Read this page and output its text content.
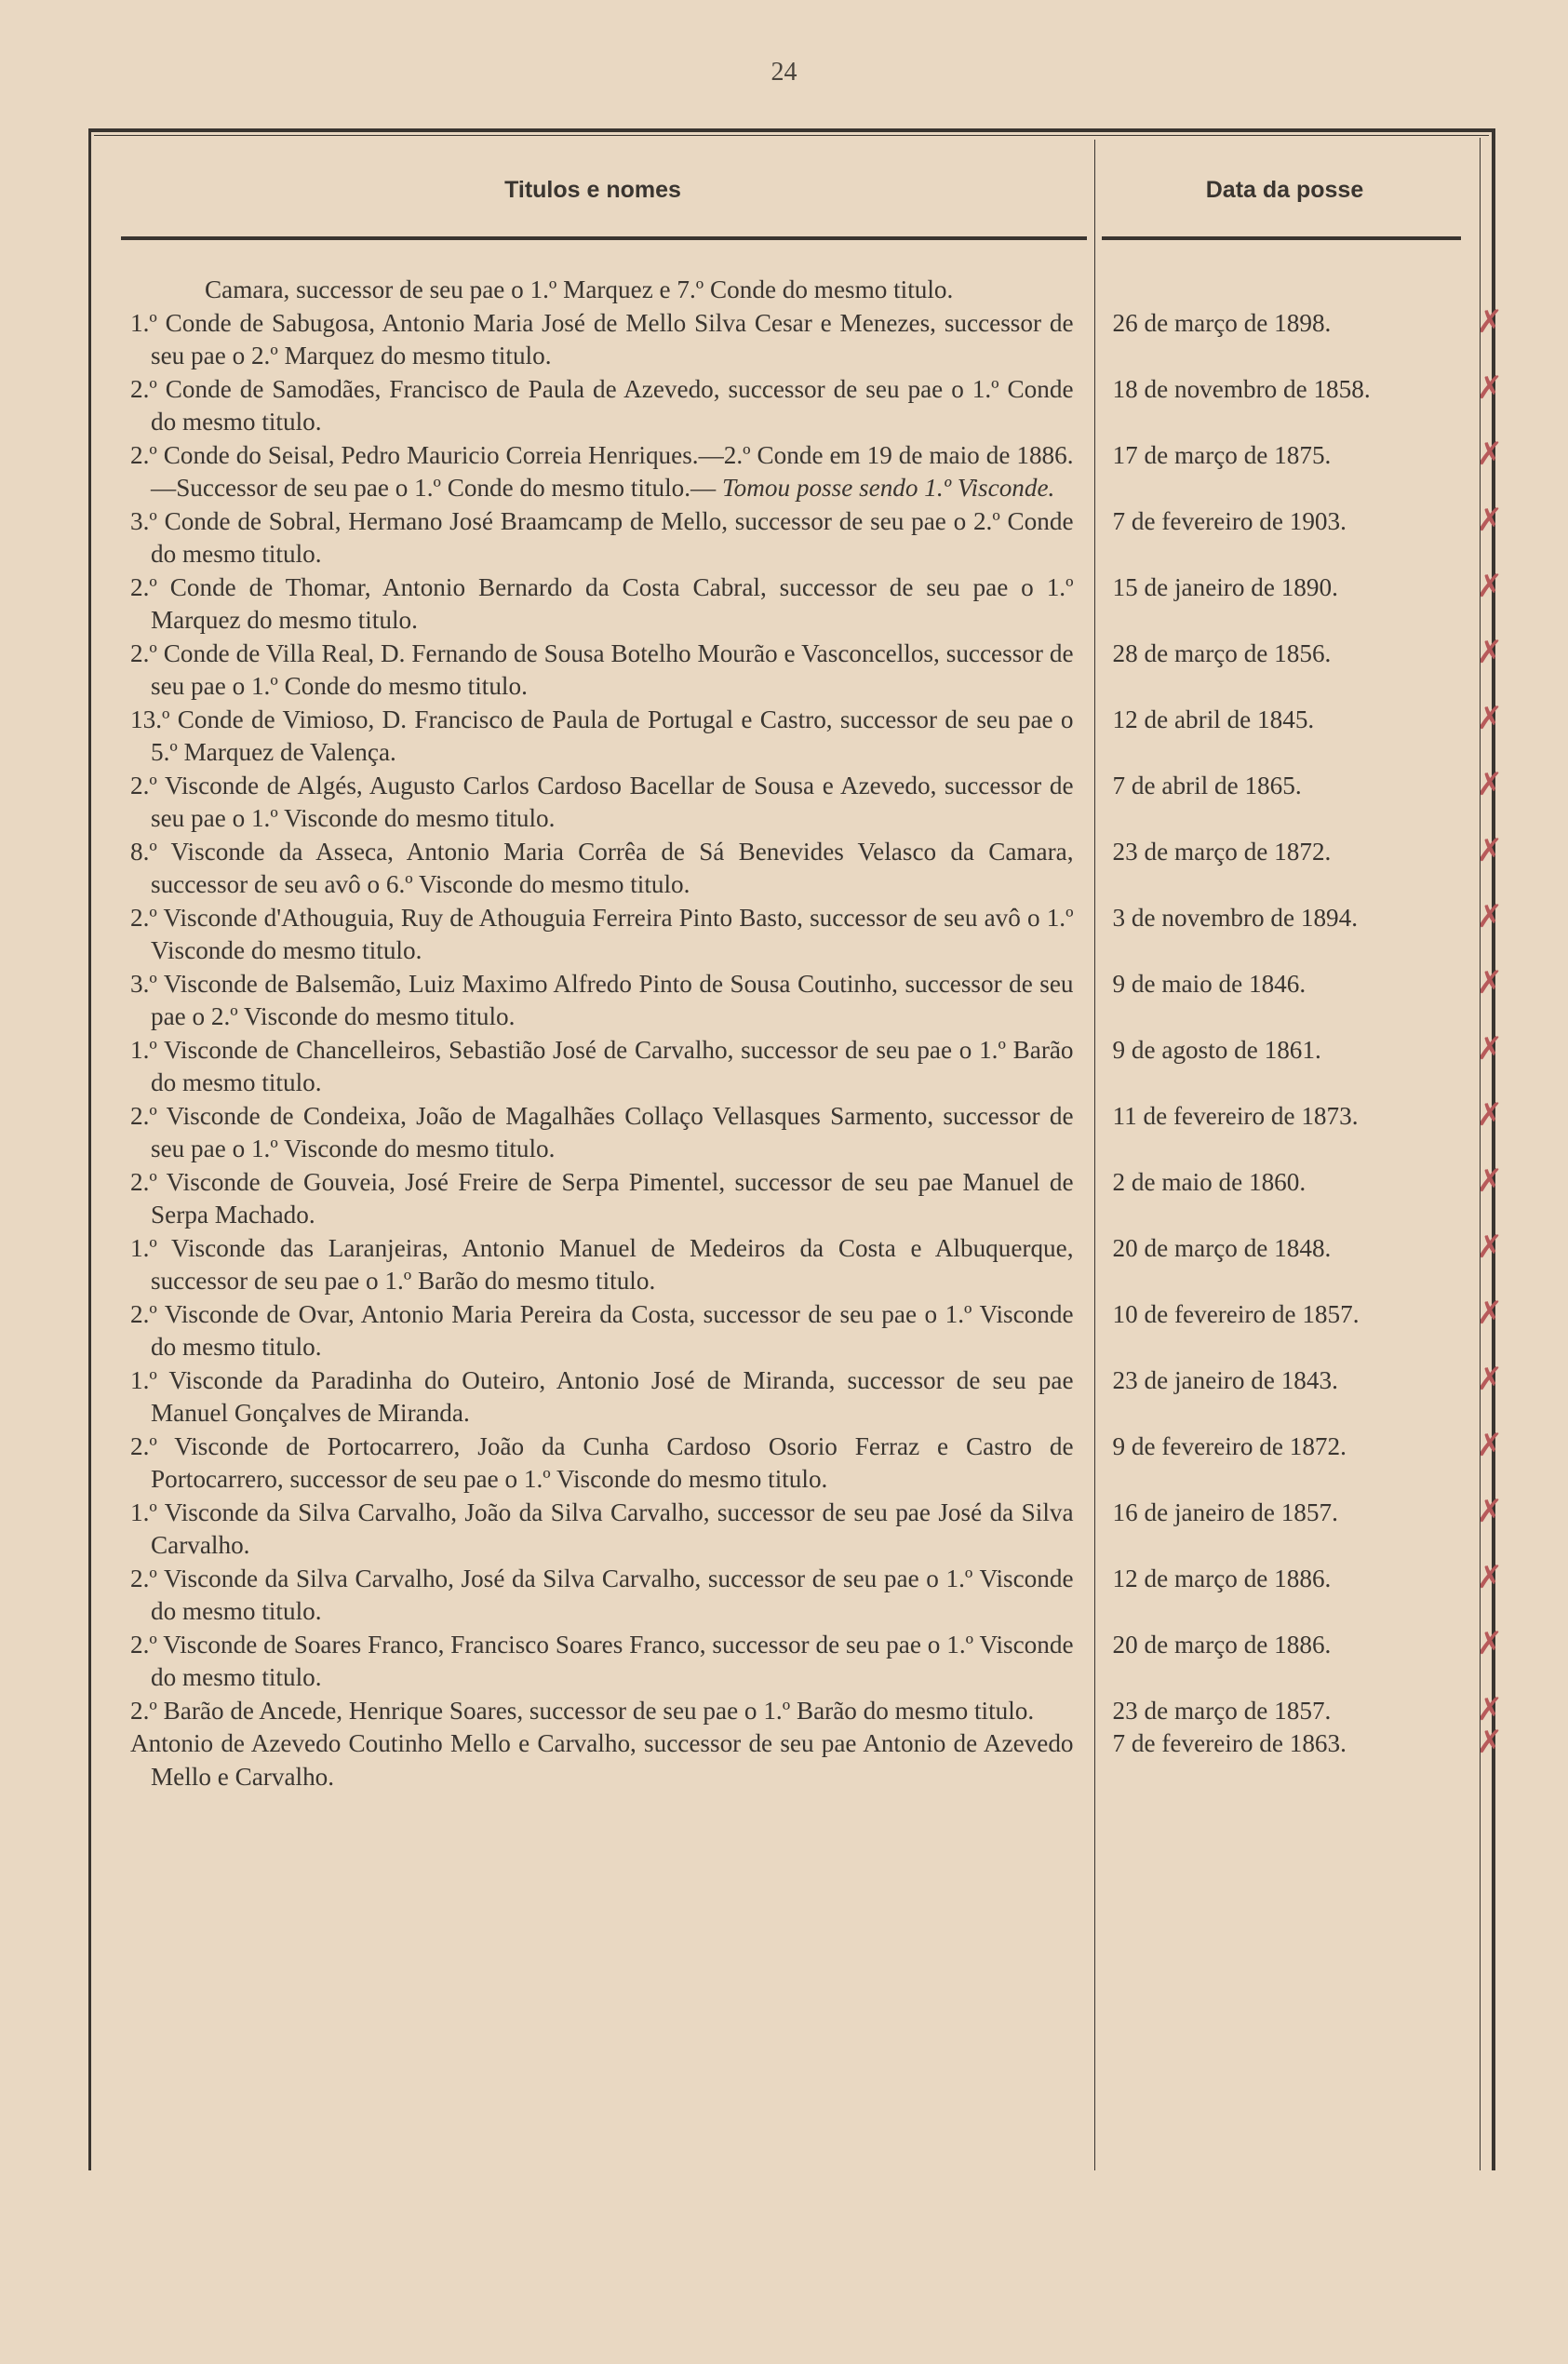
24
Titulos e nomes	Data da posse
Camara, successor de seu pae o 1.º Marquez e 7.º Conde do mesmo titulo.
1.º Conde de Sabugosa, Antonio Maria José de Mello Silva Cesar e Menezes, successor de seu pae o 2.º Marquez do mesmo titulo.
26 de março de 1898.
2.º Conde de Samodães, Francisco de Paula de Azevedo, successor de seu pae o 1.º Conde do mesmo titulo.
18 de novembro de 1858.
2.º Conde do Seisal, Pedro Mauricio Correia Henriques.—2.º Conde em 19 de maio de 1886.—Successor de seu pae o 1.º Conde do mesmo titulo.— Tomou posse sendo 1.º Visconde.
17 de março de 1875.
3.º Conde de Sobral, Hermano José Braamcamp de Mello, successor de seu pae o 2.º Conde do mesmo titulo.
7 de fevereiro de 1903.
2.º Conde de Thomar, Antonio Bernardo da Costa Cabral, successor de seu pae o 1.º Marquez do mesmo titulo.
15 de janeiro de 1890.
2.º Conde de Villa Real, D. Fernando de Sousa Botelho Mourão e Vasconcellos, successor de seu pae o 1.º Conde do mesmo titulo.
28 de março de 1856.
13.º Conde de Vimioso, D. Francisco de Paula de Portugal e Castro, successor de seu pae o 5.º Marquez de Valença.
12 de abril de 1845.
2.º Visconde de Algés, Augusto Carlos Cardoso Bacellar de Sousa e Azevedo, successor de seu pae o 1.º Visconde do mesmo titulo.
7 de abril de 1865.
8.º Visconde da Asseca, Antonio Maria Corrêa de Sá Benevides Velasco da Camara, successor de seu avô o 6.º Visconde do mesmo titulo.
23 de março de 1872.
2.º Visconde d'Athouguia, Ruy de Athouguia Ferreira Pinto Basto, successor de seu avô o 1.º Visconde do mesmo titulo.
3 de novembro de 1894.
3.º Visconde de Balsemão, Luiz Maximo Alfredo Pinto de Sousa Coutinho, successor de seu pae o 2.º Visconde do mesmo titulo.
9 de maio de 1846.
1.º Visconde de Chancelleiros, Sebastião José de Carvalho, successor de seu pae o 1.º Barão do mesmo titulo.
9 de agosto de 1861.
2.º Visconde de Condeixa, João de Magalhães Collaço Vellasques Sarmento, successor de seu pae o 1.º Visconde do mesmo titulo.
11 de fevereiro de 1873.
2.º Visconde de Gouveia, José Freire de Serpa Pimentel, successor de seu pae Manuel de Serpa Machado.
2 de maio de 1860.
1.º Visconde das Laranjeiras, Antonio Manuel de Medeiros da Costa e Albuquerque, successor de seu pae o 1.º Barão do mesmo titulo.
20 de março de 1848.
2.º Visconde de Ovar, Antonio Maria Pereira da Costa, successor de seu pae o 1.º Visconde do mesmo titulo.
10 de fevereiro de 1857.
1.º Visconde da Paradinha do Outeiro, Antonio José de Miranda, successor de seu pae Manuel Gonçalves de Miranda.
23 de janeiro de 1843.
2.º Visconde de Portocarrero, João da Cunha Cardoso Osorio Ferraz e Castro de Portocarrero, successor de seu pae o 1.º Visconde do mesmo titulo.
9 de fevereiro de 1872.
1.º Visconde da Silva Carvalho, João da Silva Carvalho, successor de seu pae José da Silva Carvalho.
16 de janeiro de 1857.
2.º Visconde da Silva Carvalho, José da Silva Carvalho, successor de seu pae o 1.º Visconde do mesmo titulo.
12 de março de 1886.
2.º Visconde de Soares Franco, Francisco Soares Franco, successor de seu pae o 1.º Visconde do mesmo titulo.
20 de março de 1886.
2.º Barão de Ancede, Henrique Soares, successor de seu pae o 1.º Barão do mesmo titulo.	23 de março de 1857.
Antonio de Azevedo Coutinho Mello e Carvalho, successor de seu pae Antonio de Azevedo Mello e Carvalho.
7 de fevereiro de 1863.
✗
✗
✗
✗
✗
✗
✗
✗
✗
✗
✗
✗
✗
✗
✗
✗
✗
✗
✗
✗
✗
✗
✗
